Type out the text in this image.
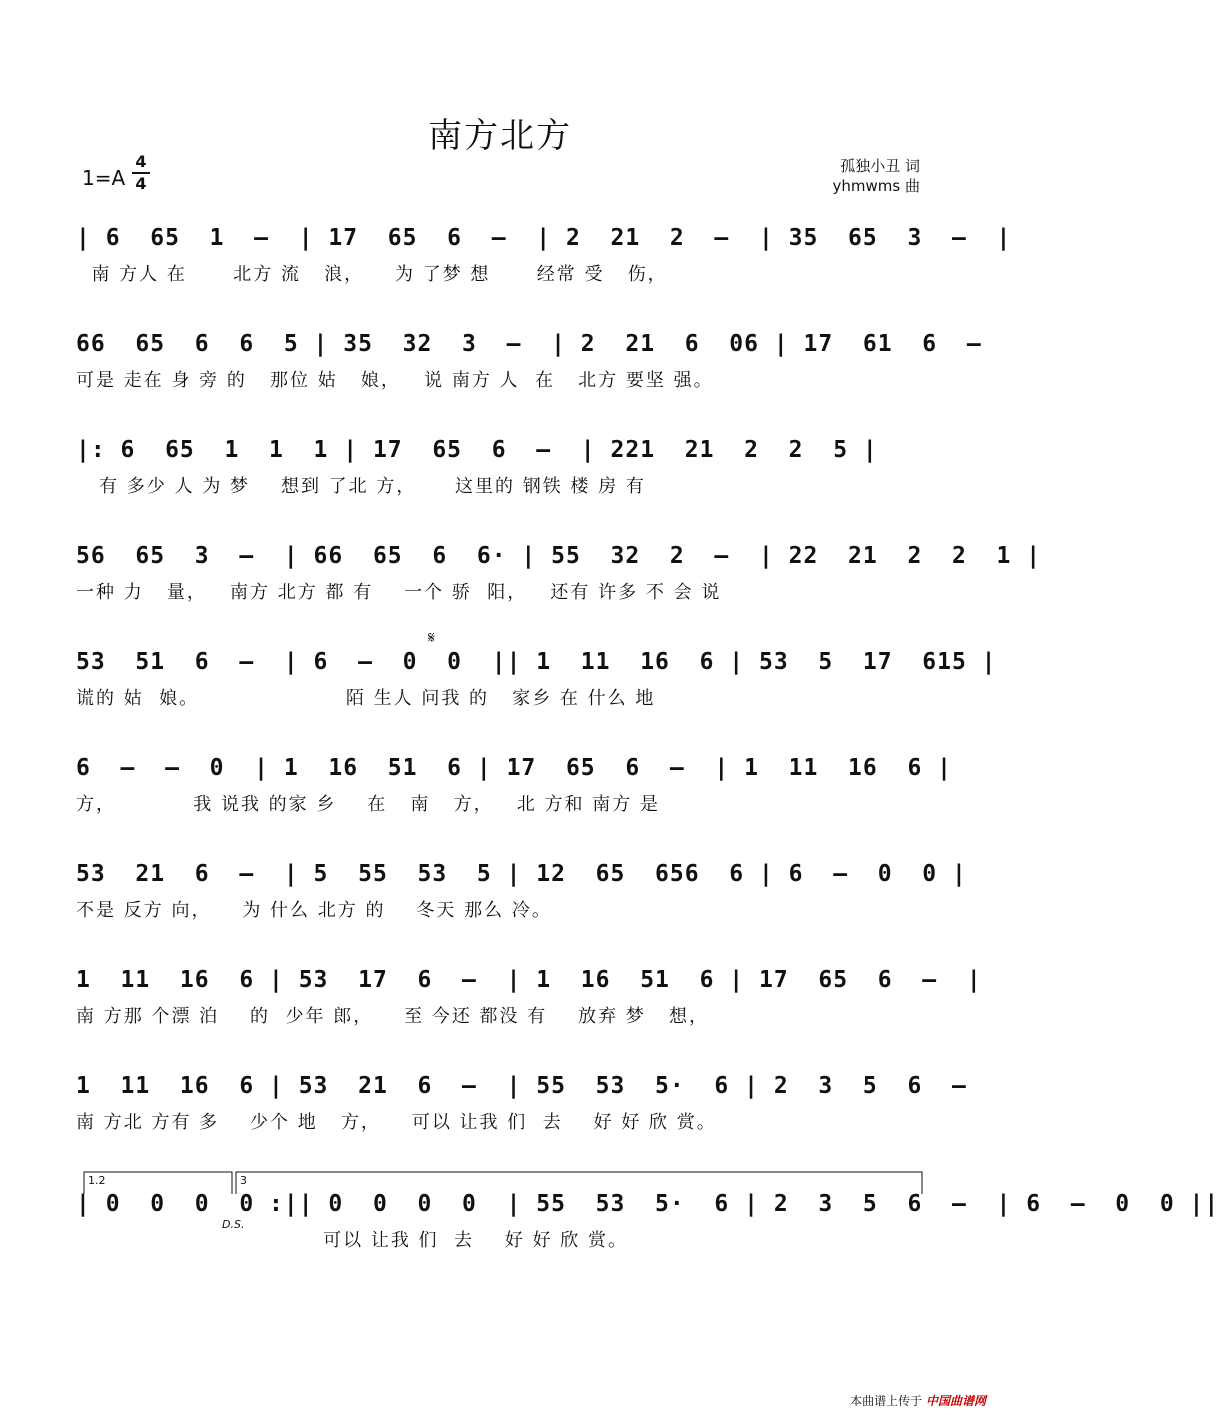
南方北方
1=A
4
4
孤独小丑 词
yhmwms 曲
| 6  65  1  –  | 17  65  6  –  | 2  21  2  –  | 35  65  3  –  |
南 方人 在      北方 流   浪，    为 了梦 想      经常 受   伤，
66  65  6  6  5 | 35  32  3  –  | 2  21  6  06 | 17  61  6  –
可是 走在 身 旁 的   那位 姑   娘，   说 南方 人  在   北方 要坚 强。
|: 6  65  1  1  1 | 17  65  6  –  | 221  21  2  2  5 |
有 多少 人 为 梦    想到 了北 方，     这里的 钢铁 楼 房 有
56  65  3  –  | 66  65  6  6· | 55  32  2  –  | 22  21  2  2  1 |
一种 力   量，   南方 北方 都 有    一个 骄  阳，   还有 许多 不 会 说
53  51  6  –  | 6  –  0  0  || 1  11  16  6 | 53  5  17  615 |
谎的 姑  娘。                   陌 生人 问我 的   家乡 在 什么 地
𝄋
6  –  –  0  | 1  16  51  6 | 17  65  6  –  | 1  11  16  6 |
方，          我 说我 的家 乡    在   南   方，   北 方和 南方 是
53  21  6  –  | 5  55  53  5 | 12  65  656  6 | 6  –  0  0 |
不是 反方 向，    为 什么 北方 的    冬天 那么 冷。
1  11  16  6 | 53  17  6  –  | 1  16  51  6 | 17  65  6  –  |
南 方那 个漂 泊    的  少年 郎，    至 今还 都没 有    放弃 梦   想，
1  11  16  6 | 53  21  6  –  | 55  53  5·  6 | 2  3  5  6  –
南 方北 方有 多    少个 地   方，    可以 让我 们  去    好 好 欣 赏。
1.2	3
| 0  0  0  0 :|| 0  0  0  0  | 55  53  5·  6 | 2  3  5  6  –  | 6  –  0  0 ||
可以 让我 们  去    好 好 欣 赏。
D.S.
本曲谱上传于 中国曲谱网
